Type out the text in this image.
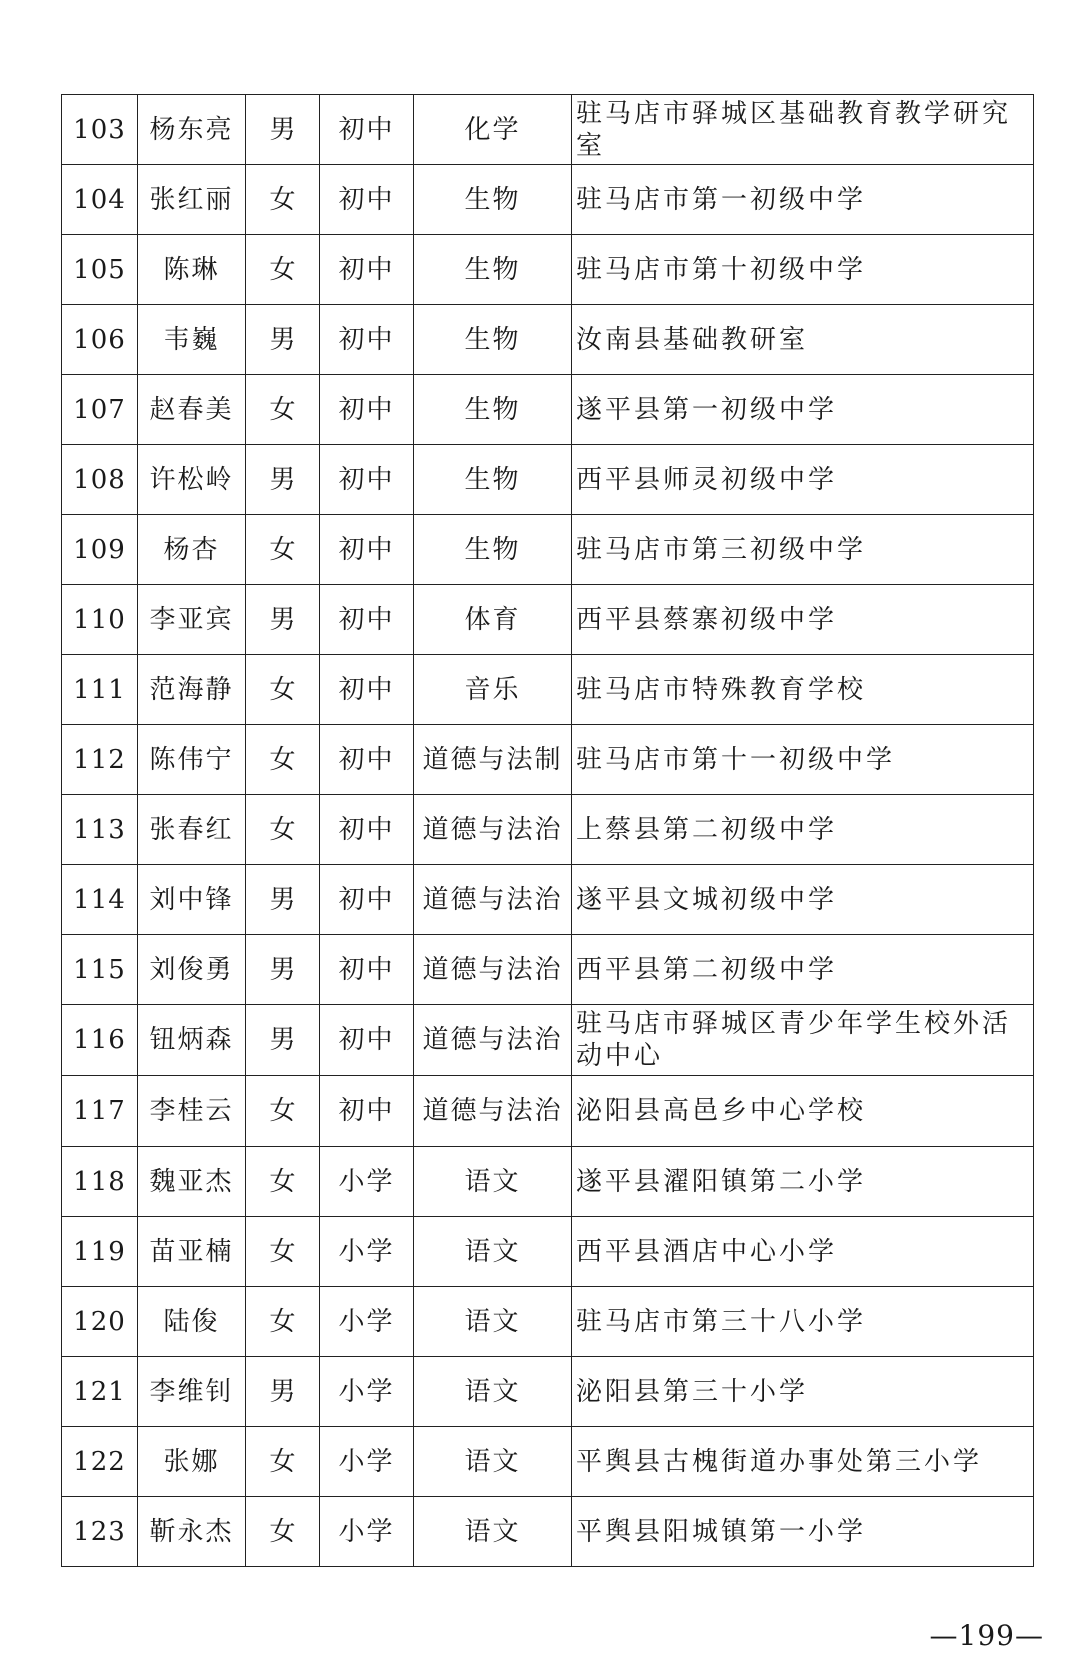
103	杨东亮	男	初中	化学	驻马店市驿城区基础教育教学研究室
104	张红丽	女	初中	生物	驻马店市第一初级中学
105	陈琳	女	初中	生物	驻马店市第十初级中学
106	韦巍	男	初中	生物	汝南县基础教研室
107	赵春美	女	初中	生物	遂平县第一初级中学
108	许松岭	男	初中	生物	西平县师灵初级中学
109	杨杏	女	初中	生物	驻马店市第三初级中学
110	李亚宾	男	初中	体育	西平县蔡寨初级中学
111	范海静	女	初中	音乐	驻马店市特殊教育学校
112	陈伟宁	女	初中	道德与法制	驻马店市第十一初级中学
113	张春红	女	初中	道德与法治	上蔡县第二初级中学
114	刘中锋	男	初中	道德与法治	遂平县文城初级中学
115	刘俊勇	男	初中	道德与法治	西平县第二初级中学
116	钮炳森	男	初中	道德与法治	驻马店市驿城区青少年学生校外活动中心
117	李桂云	女	初中	道德与法治	泌阳县高邑乡中心学校
118	魏亚杰	女	小学	语文	遂平县濯阳镇第二小学
119	苗亚楠	女	小学	语文	西平县酒店中心小学
120	陆俊	女	小学	语文	驻马店市第三十八小学
121	李维钊	男	小学	语文	泌阳县第三十小学
122	张娜	女	小学	语文	平舆县古槐街道办事处第三小学
123	靳永杰	女	小学	语文	平舆县阳城镇第一小学
—199—
